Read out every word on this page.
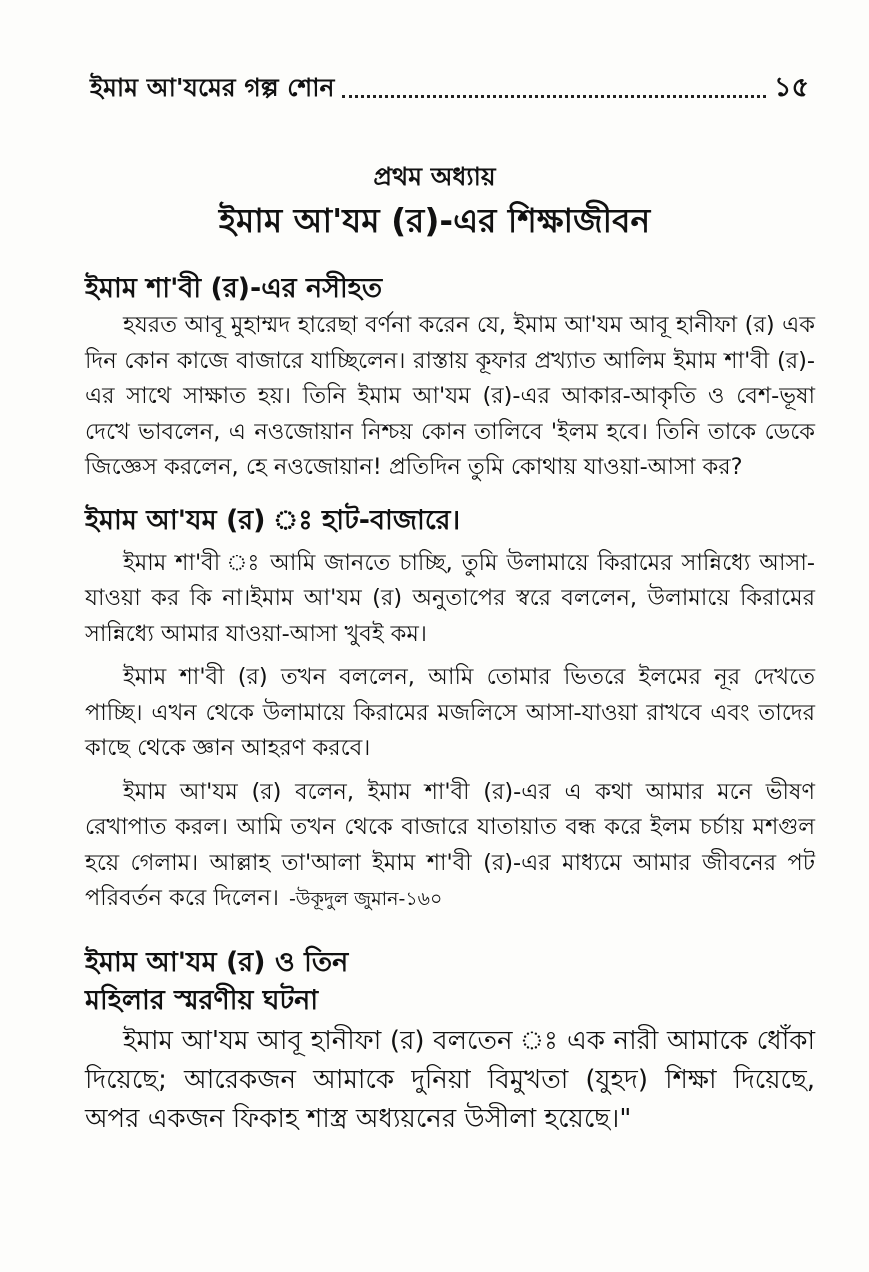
ইমাম আ'যমের গল্প শোন	১৫
প্রথম অধ্যায়
ইমাম আ'যম (র)-এর শিক্ষাজীবন

ইমাম শা'বী (র)-এর নসীহত

হযরত আবূ মুহাম্মদ হারেছা বর্ণনা করেন যে, ইমাম আ'যম আবূ হানীফা (র) এক দিন কোন কাজে বাজারে যাচ্ছিলেন। রাস্তায় কূফার প্রখ্যাত আলিম ইমাম শা'বী (র)-এর সাথে সাক্ষাত হয়। তিনি ইমাম আ'যম (র)-এর আকার-আকৃতি ও বেশ-ভূষা দেখে ভাবলেন, এ নওজোয়ান নিশ্চয় কোন তালিবে 'ইলম হবে। তিনি তাকে ডেকে জিজ্ঞেস করলেন, হে নওজোয়ান! প্রতিদিন তুমি কোথায় যাওয়া-আসা কর?

ইমাম আ'যম (র) ঃ হাট-বাজারে।

ইমাম শা'বী ঃ আমি জানতে চাচ্ছি, তুমি উলামায়ে কিরামের সান্নিধ্যে আসা-যাওয়া কর কি না।ইমাম আ'যম (র) অনুতাপের স্বরে বললেন, উলামায়ে কিরামের সান্নিধ্যে আমার যাওয়া-আসা খুবই কম।

ইমাম শা'বী (র) তখন বললেন, আমি তোমার ভিতরে ইলমের নূর দেখতে পাচ্ছি। এখন থেকে উলামায়ে কিরামের মজলিসে আসা-যাওয়া রাখবে এবং তাদের কাছে থেকে জ্ঞান আহরণ করবে।

ইমাম আ'যম (র) বলেন, ইমাম শা'বী (র)-এর এ কথা আমার মনে ভীষণ রেখাপাত করল। আমি তখন থেকে বাজারে যাতায়াত বন্ধ করে ইলম চর্চায় মশগুল হয়ে গেলাম। আল্লাহ তা'আলা ইমাম শা'বী (র)-এর মাধ্যমে আমার জীবনের পট পরিবর্তন করে দিলেন। -উকূদুল জুমান-১৬০

ইমাম আ'যম (র) ও তিন

মহিলার স্মরণীয় ঘটনা

ইমাম আ'যম আবূ হানীফা (র) বলতেন ঃ এক নারী আমাকে ধোঁকা দিয়েছে; আরেকজন আমাকে দুনিয়া বিমুখতা (যুহদ) শিক্ষা দিয়েছে, অপর একজন ফিকাহ শাস্ত্র অধ্যয়নের উসীলা হয়েছে।"
